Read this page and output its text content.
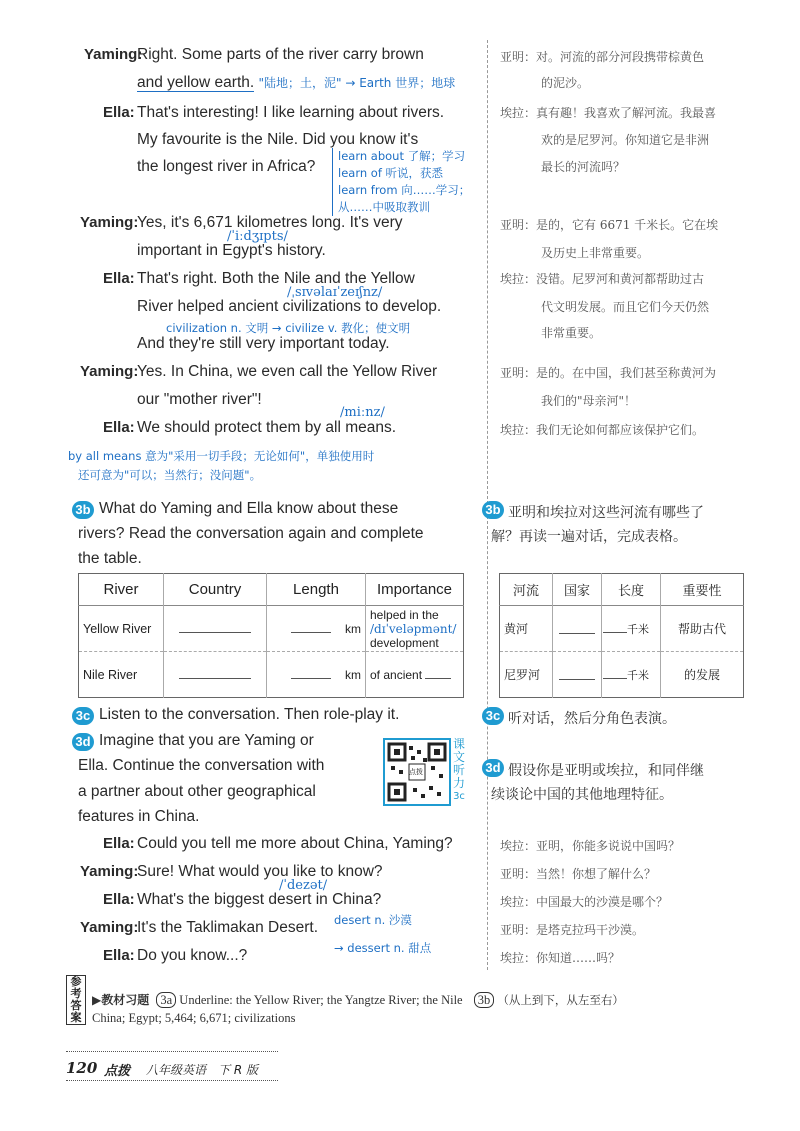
Yaming:
Right. Some parts of the river carry brown
and yellow earth. "陆地；土，泥" → Earth 世界；地球
Ella: That's interesting! I like learning about rivers.
My favourite is the Nile. Did you know it's
the longest river in Africa?
learn about 了解；学习
learn of 听说，获悉
learn from 向……学习；
从……中吸取教训
Yaming:
Yes, it's 6,671 kilometres long. It's very
/ˈiːdʒɪpts/
important in Egypt's history.
Ella: That's right. Both the Nile and the Yellow
/ˌsɪvəlaɪˈzeɪʃnz/
River helped ancient civilizations to develop.
civilization n. 文明 → civilize v. 教化；使文明
And they're still very important today.
Yaming:
Yes. In China, we even call the Yellow River
our "mother river"!
Ella:
/miːnz/
We should protect them by all means.
by all means 意为"采用一切手段；无论如何"，单独使用时
还可意为"可以；当然行；没问题"。
亚明：对。河流的部分河段携带棕黄色
的泥沙。
埃拉：真有趣！我喜欢了解河流。我最喜
欢的是尼罗河。你知道它是非洲
最长的河流吗？
亚明：是的，它有 6671 千米长。它在埃
及历史上非常重要。
埃拉：没错。尼罗河和黄河都帮助过古
代文明发展。而且它们今天仍然
非常重要。
亚明：是的。在中国，我们甚至称黄河为
我们的"母亲河"！
埃拉：我们无论如何都应该保护它们。
3b What do Yaming and Ella know about these
rivers? Read the conversation again and complete
the table.
River	Country	Length	Importance
Yellow River		km	helped in the
/dɪˈveləpmənt/
development

Nile River		km	of ancient
3b 亚明和埃拉对这些河流有哪些了
解？再读一遍对话，完成表格。
河流	国家	长度	重要性
黄河		千米	帮助古代
尼罗河		千米	的发展
3c Listen to the conversation. Then role-play it.	3c 听对话，然后分角色表演。
3d Imagine that you are Yaming or
Ella. Continue the conversation with
a partner about other geographical
features in China.
点拨
课
文
听
力
3c
3d 假设你是亚明或埃拉，和同伴继
续谈论中国的其他地理特征。
Ella: Could you tell me more about China, Yaming?
Yaming:
Sure! What would you like to know?
/ˈdezət/
Ella: What's the biggest desert in China?
Yaming:
It's the Taklimakan Desert. desert n. 沙漠
→ dessert n. 甜点
Ella: Do you know...?
埃拉：亚明，你能多说说中国吗？
亚明：当然！你想了解什么？
埃拉：中国最大的沙漠是哪个？
亚明：是塔克拉玛干沙漠。
埃拉：你知道……吗？
参
考
答
案
▶教材习题 3a Underline: the Yellow River; the Yangtze River; the Nile 3b （从上到下，从左至右）
China; Egypt; 5,464; 6,671; civilizations
120 点拨 八年级英语　下 R 版
